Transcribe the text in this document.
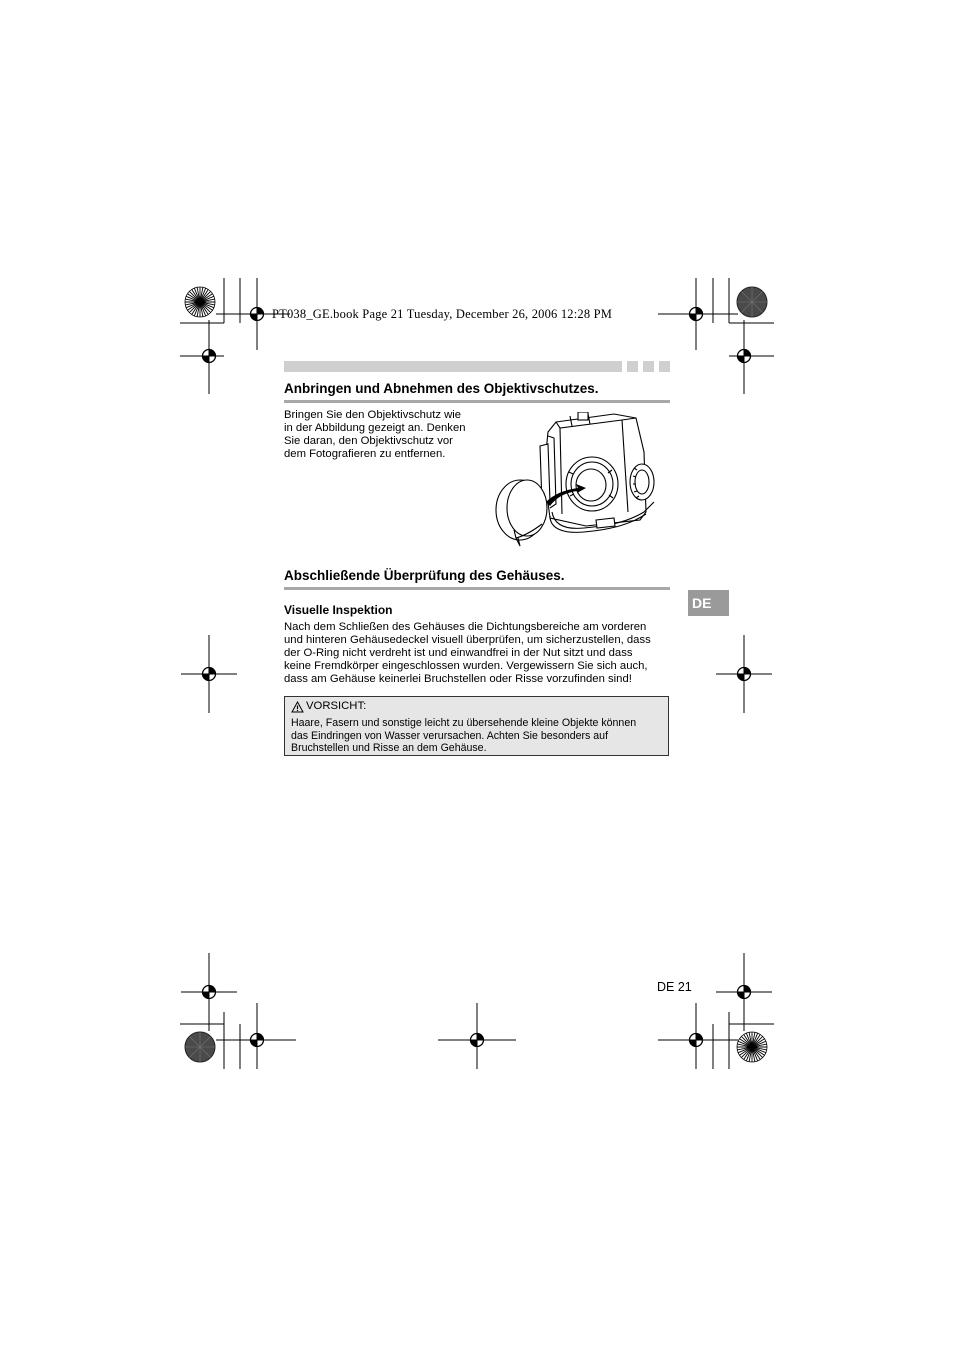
PT038_GE.book Page 21 Tuesday, December 26, 2006 12:28 PM
Anbringen und Abnehmen des Objektivschutzes.
Bringen Sie den Objektivschutz wie
in der Abbildung gezeigt an. Denken
Sie daran, den Objektivschutz vor
dem Fotografieren zu entfernen.
Abschließende Überprüfung des Gehäuses.
Visuelle Inspektion
Nach dem Schließen des Gehäuses die Dichtungsbereiche am vorderen
und hinteren Gehäusedeckel visuell überprüfen, um sicherzustellen, dass
der O-Ring nicht verdreht ist und einwandfrei in der Nut sitzt und dass
keine Fremdkörper eingeschlossen wurden. Vergewissern Sie sich auch,
dass am Gehäuse keinerlei Bruchstellen oder Risse vorzufinden sind!
VORSICHT:
Haare, Fasern und sonstige leicht zu übersehende kleine Objekte können
das Eindringen von Wasser verursachen. Achten Sie besonders auf
Bruchstellen und Risse an dem Gehäuse.
DE
DE 21
